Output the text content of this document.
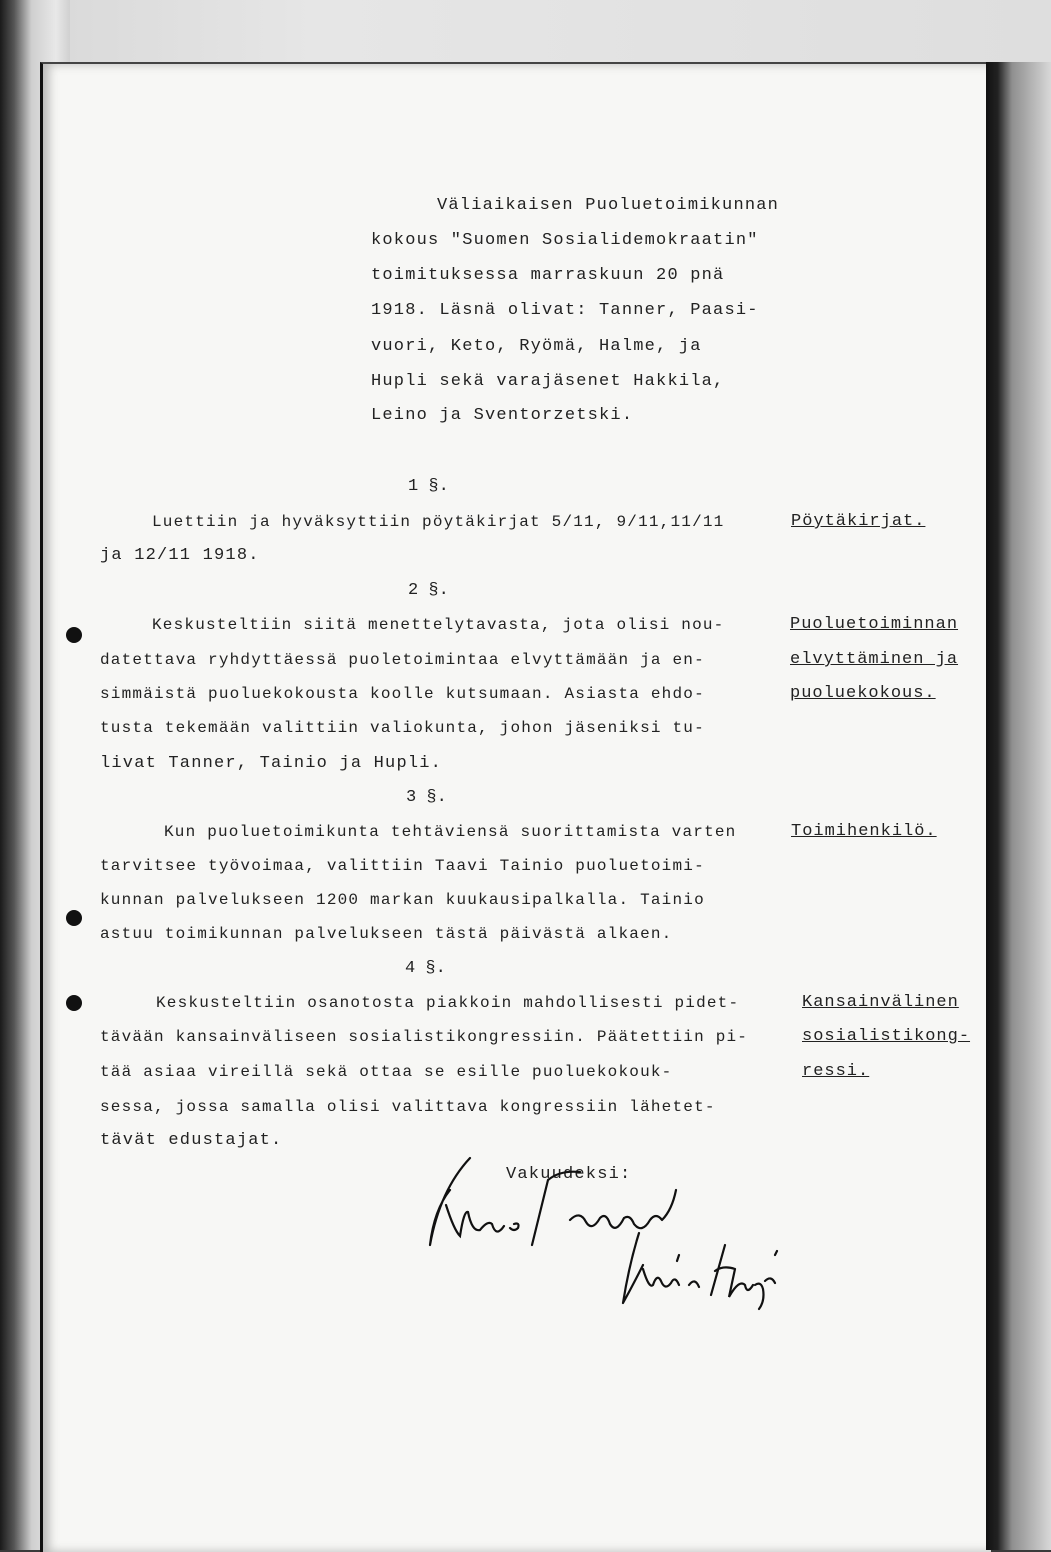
Väliaikaisen Puoluetoimikunnan

kokous "Suomen Sosialidemokraatin"

toimituksessa marraskuun 20 pnä

1918. Läsnä olivat: Tanner, Paasi-

vuori, Keto, Ryömä, Halme, ja

Hupli sekä varajäsenet Hakkila,

Leino ja Sventorzetski.

1 §.

Luettiin ja hyväksyttiin pöytäkirjat 5/11, 9/11,11/11

ja 12/11 1918.

Pöytäkirjat.

2 §.

Keskusteltiin siitä menettelytavasta, jota olisi nou-

datettava ryhdyttäessä puoletoimintaa elvyttämään ja en-

simmäistä puoluekokousta koolle kutsumaan. Asiasta ehdo-

tusta tekemään valittiin valiokunta, johon jäseniksi tu-

livat Tanner, Tainio ja Hupli.

Puoluetoiminnan

elvyttäminen ja

puoluekokous.

3 §.

Kun puoluetoimikunta tehtäviensä suorittamista varten

tarvitsee työvoimaa, valittiin Taavi Tainio puoluetoimi-

kunnan palvelukseen 1200 markan kuukausipalkalla. Tainio

astuu toimikunnan palvelukseen tästä päivästä alkaen.

Toimihenkilö.

4 §.

Keskusteltiin osanotosta piakkoin mahdollisesti pidet-

tävään kansainväliseen sosialistikongressiin. Päätettiin pi-

tää asiaa vireillä sekä ottaa se esille puoluekokouk-

sessa, jossa samalla olisi valittava kongressiin lähetet-

tävät edustajat.

Kansainvälinen

sosialistikong-

ressi.

Vakuudeksi:
